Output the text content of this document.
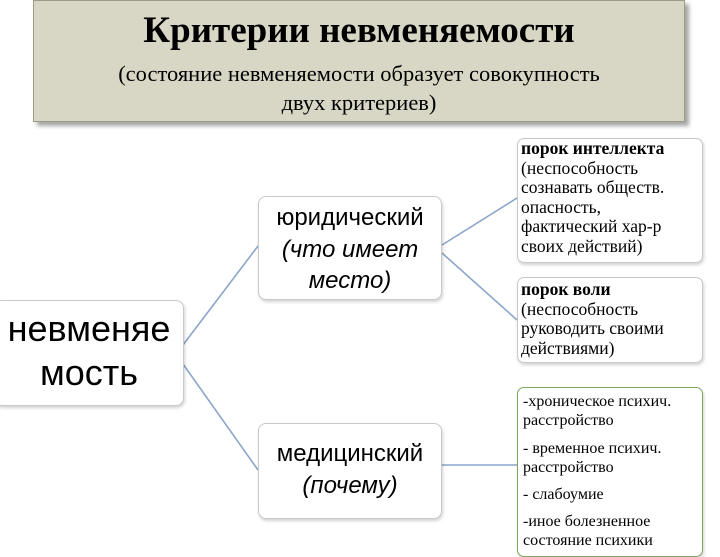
Критерии невменяемости
(состояние невменяемости образует совокупность
двух критериев)
невменяе
мость
юридический
(что имеет
место)
медицинский
(почему)
порок интеллекта
(неспособность
сознавать обществ.
опасность,
фактический хар-р
своих действий)
порок воли
(неспособность
руководить своими
действиями)
-хроническое психич.
расстройство
- временное психич.
расстройство
- слабоумие
-иное болезненное
состояние психики
